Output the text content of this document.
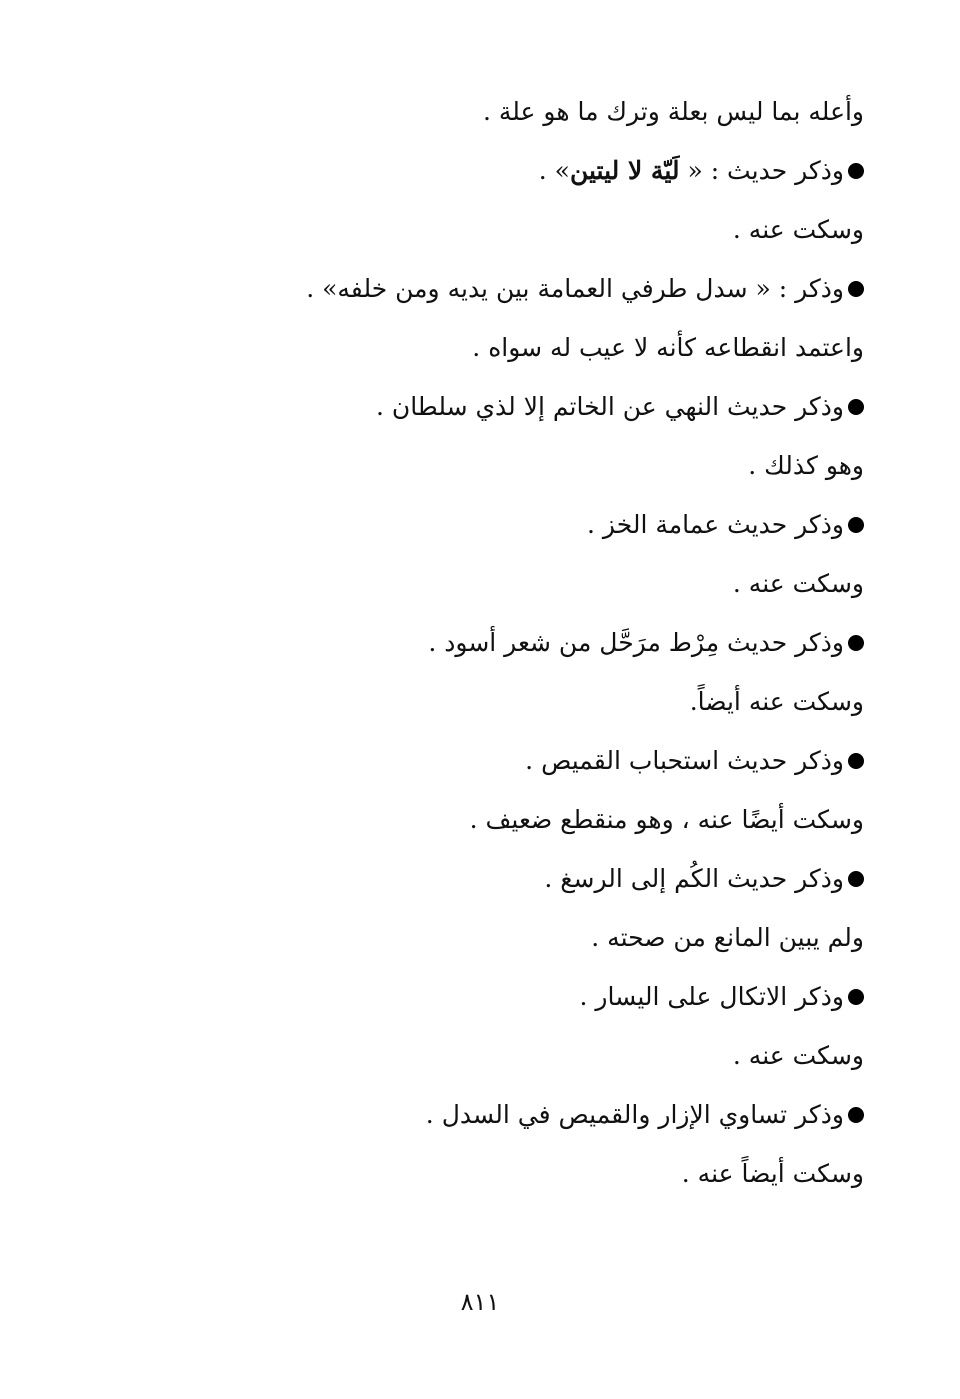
وأعله بما ليس بعلة وترك ما هو علة .
وذكر حديث : « لَيّة لا ليتين» .
وسكت عنه .
وذكر : « سدل طرفي العمامة بين يديه ومن خلفه» .
واعتمد انقطاعه كأنه لا عيب له سواه .
وذكر حديث النهي عن الخاتم إلا لذي سلطان .
وهو كذلك .
وذكر حديث عمامة الخز .
وسكت عنه .
وذكر حديث مِرْط مرَحَّل من شعر أسود .
وسكت عنه أيضاً.
وذكر حديث استحباب القميص .
وسكت أيضًا عنه ، وهو منقطع ضعيف .
وذكر حديث الكُم إلى الرسغ .
ولم يبين المانع من صحته .
وذكر الاتكال على اليسار .
وسكت عنه .
وذكر تساوي الإزار والقميص في السدل .
وسكت أيضاً عنه .
٨١١
